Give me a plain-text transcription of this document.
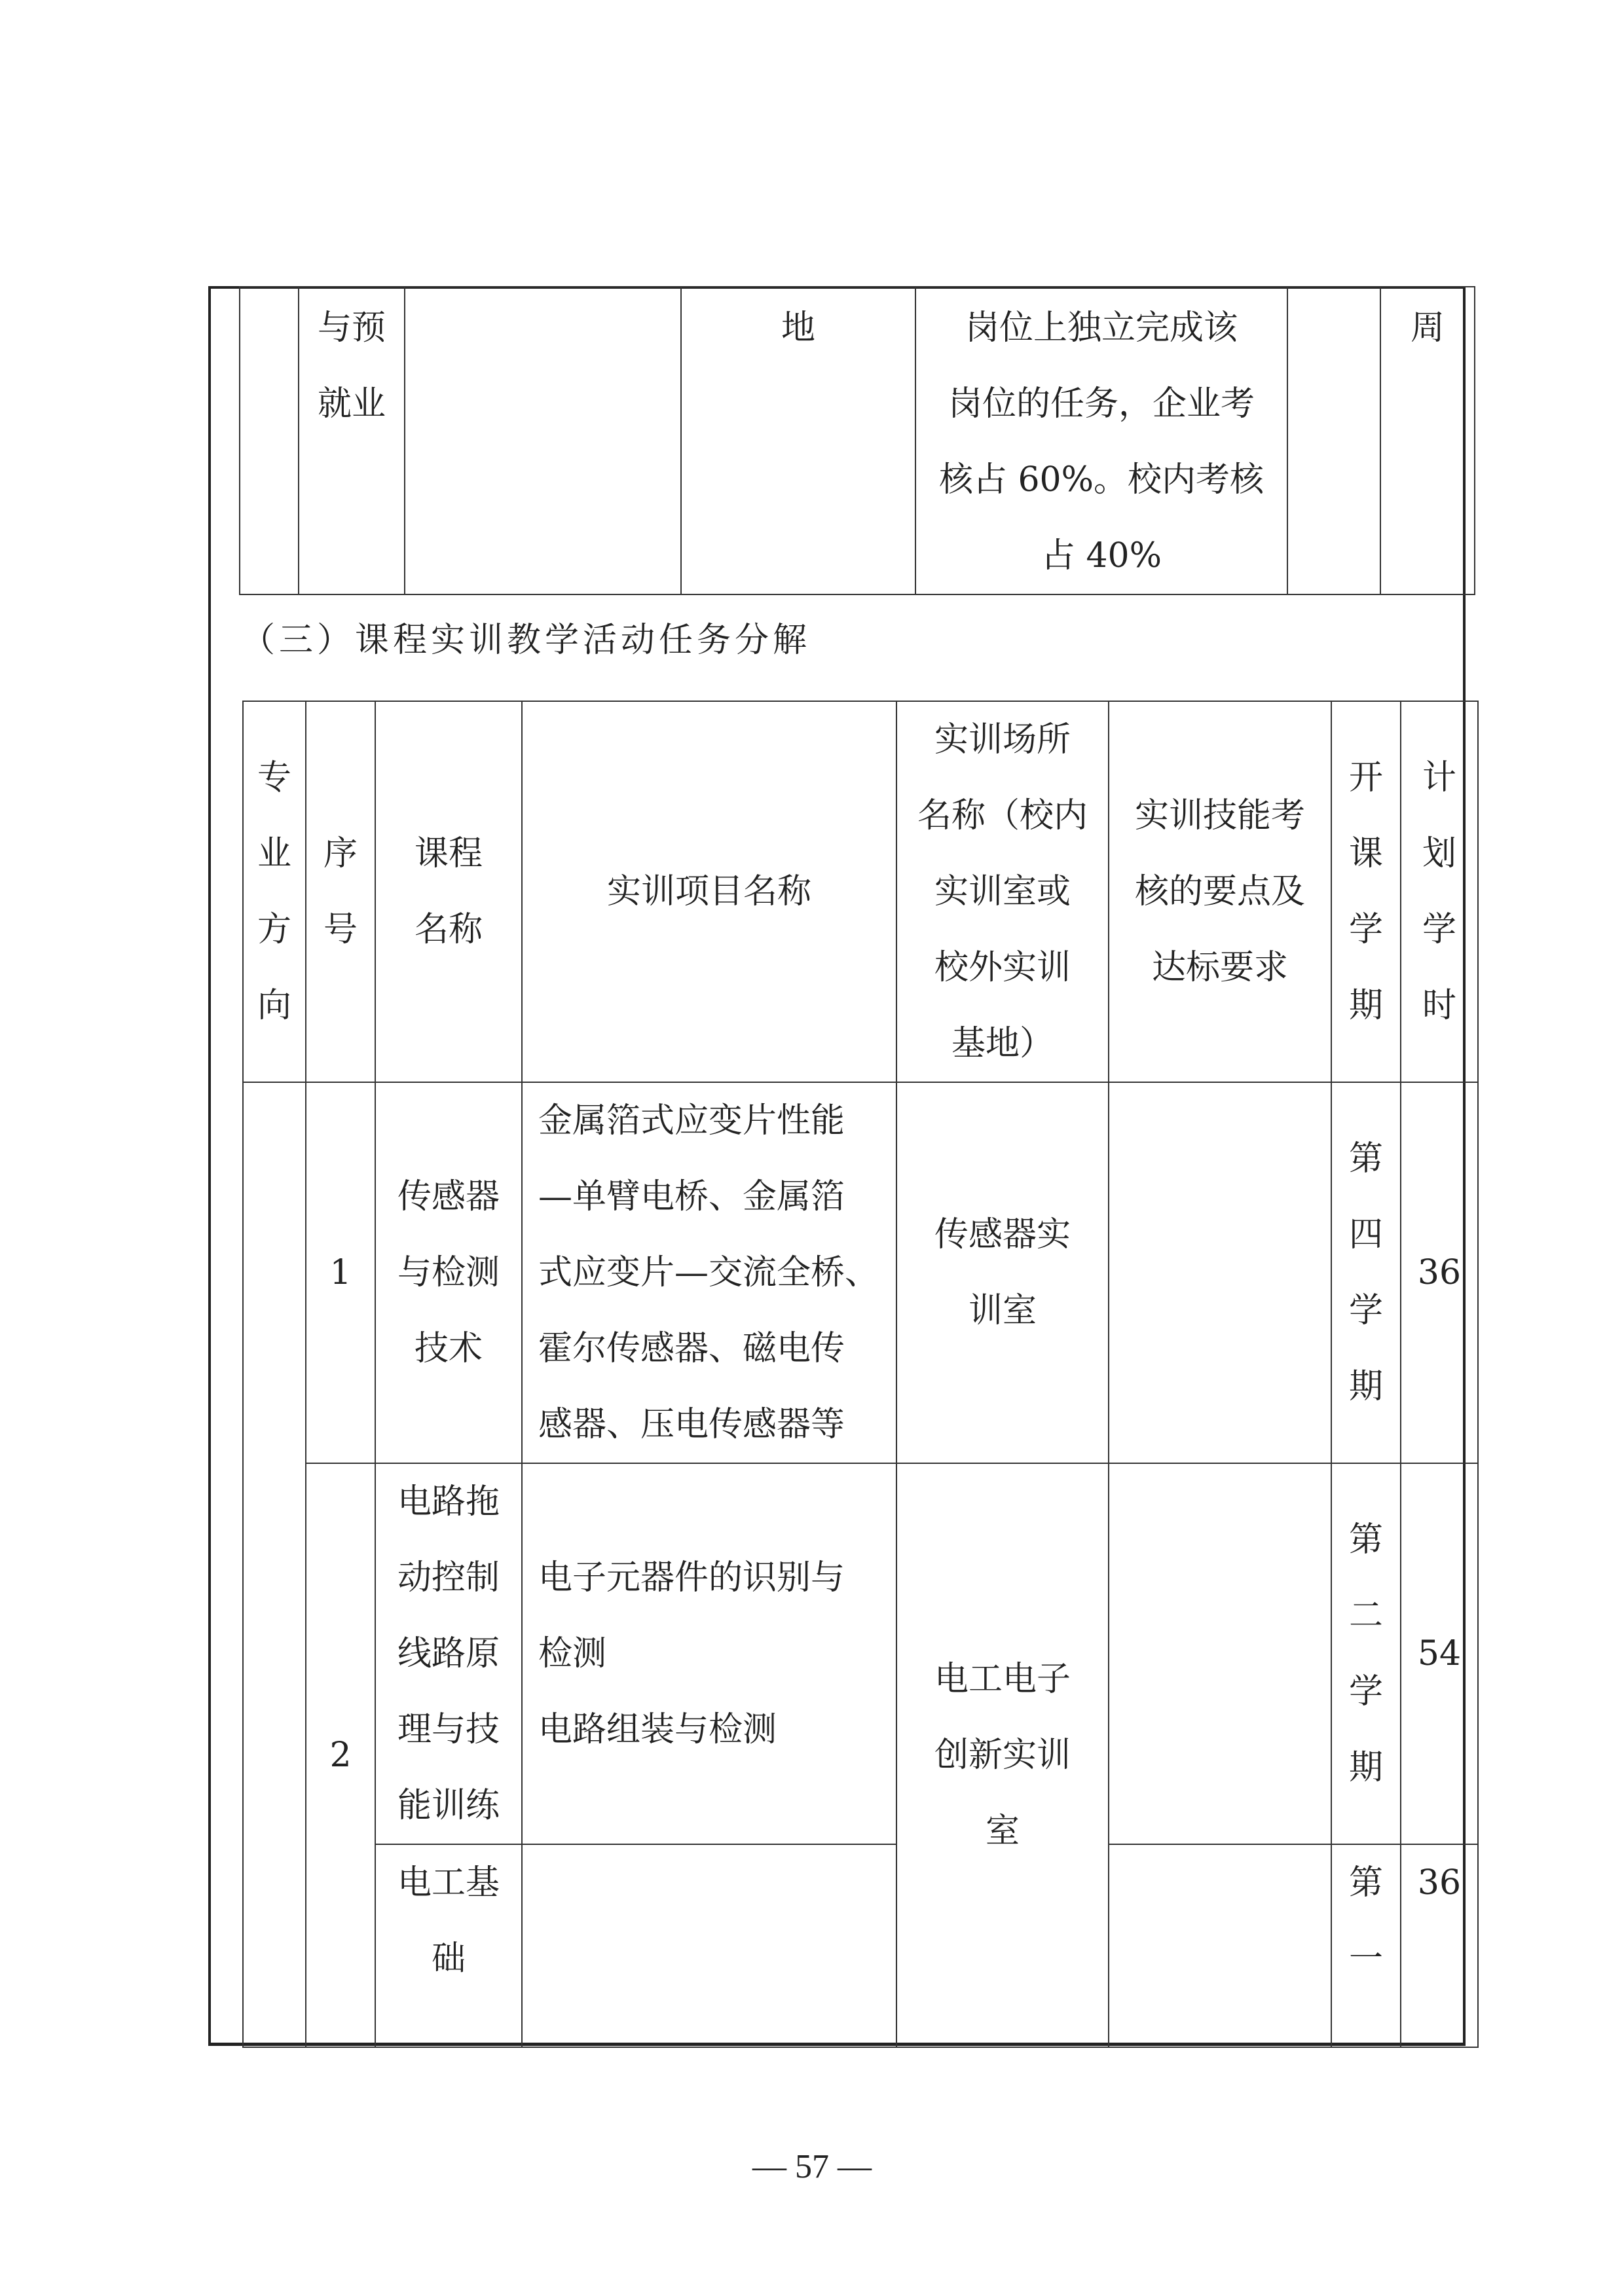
	与预
就业		地	岗位上独立完成该
岗位的任务，企业考
核占 60%。校内考核
占 40%		周
（三）课程实训教学活动任务分解
专
业
方
向	序
号	课程
名称	实训项目名称	实训场所
名称（校内
实训室或
校外实训
基地）	实训技能考
核的要点及
达标要求	开
课
学
期	计
划
学
时
	1	传感器
与检测
技术	金属箔式应变片性能
—单臂电桥、金属箔
式应变片—交流全桥、
霍尔传感器、磁电传
感器、压电传感器等	传感器实
训室		第
四
学
期	36
	2	电路拖
动控制
线路原
理与技
能训练	电子元器件的识别与
检测
电路组装与检测	电工电子
创新实训
室		第
二
学
期	54
		电工基
础				第
一	36
— 57 —
